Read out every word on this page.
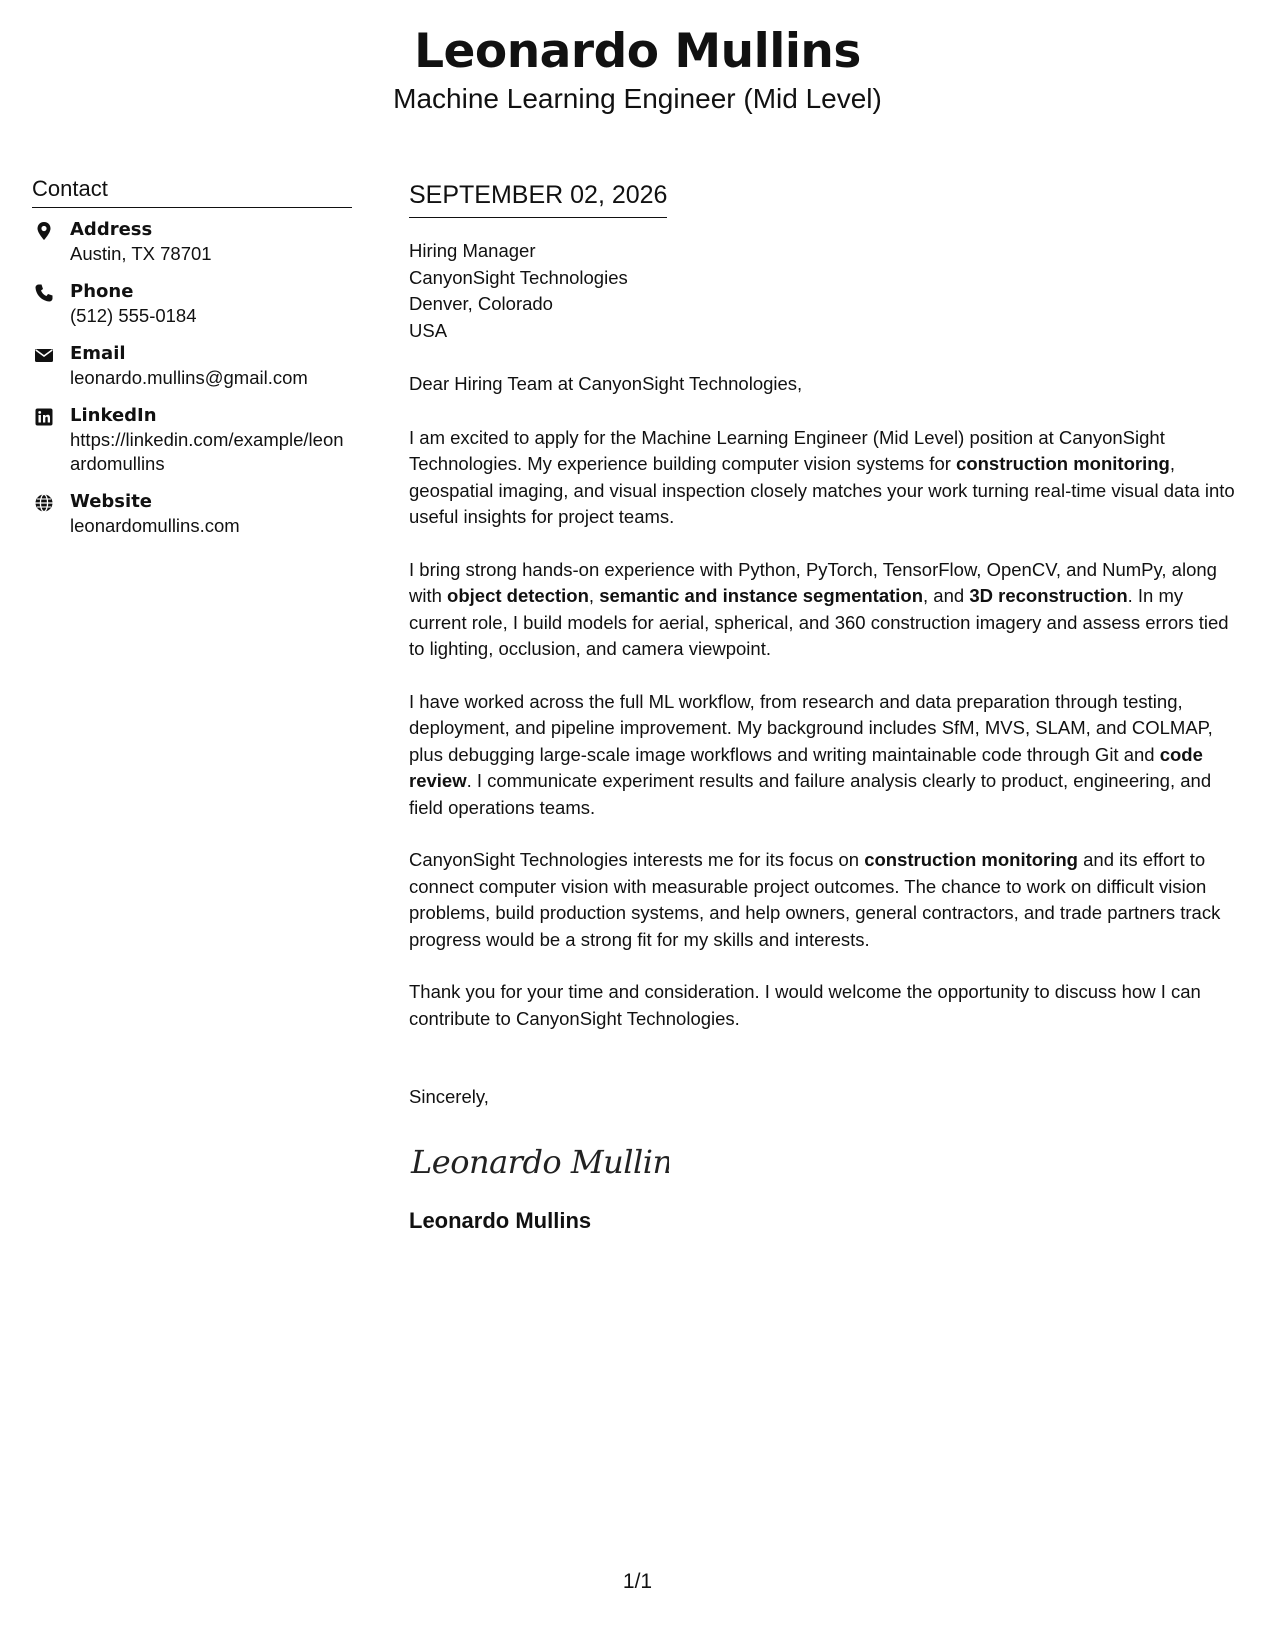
Leonardo Mullins

Machine Learning Engineer (Mid Level)

Contact
Address
Austin, TX 78701
Phone
(512) 555-0184
Email
leonardo.mullins@gmail.com
LinkedIn
https://linkedin.com/example/leonardomullins
Website
leonardomullins.com
SEPTEMBER 02, 2026

Hiring Manager

CanyonSight Technologies

Denver, Colorado

USA

Dear Hiring Team at CanyonSight Technologies,

I am excited to apply for the Machine Learning Engineer (Mid Level) position at CanyonSight Technologies. My experience building computer vision systems for construction monitoring, geospatial imaging, and visual inspection closely matches your work turning real-time visual data into useful insights for project teams.

I bring strong hands-on experience with Python, PyTorch, TensorFlow, OpenCV, and NumPy, along with object detection, semantic and instance segmentation, and 3D reconstruction. In my current role, I build models for aerial, spherical, and 360 construction imagery and assess errors tied to lighting, occlusion, and camera viewpoint.

I have worked across the full ML workflow, from research and data preparation through testing, deployment, and pipeline improvement. My background includes SfM, MVS, SLAM, and COLMAP, plus debugging large-scale image workflows and writing maintainable code through Git and code review. I communicate experiment results and failure analysis clearly to product, engineering, and field operations teams.

CanyonSight Technologies interests me for its focus on construction monitoring and its effort to connect computer vision with measurable project outcomes. The chance to work on difficult vision problems, build production systems, and help owners, general contractors, and trade partners track progress would be a strong fit for my skills and interests.

Thank you for your time and consideration. I would welcome the opportunity to discuss how I can contribute to CanyonSight Technologies.

Sincerely,

Leonardo Mullins
Leonardo Mullins
1/1
